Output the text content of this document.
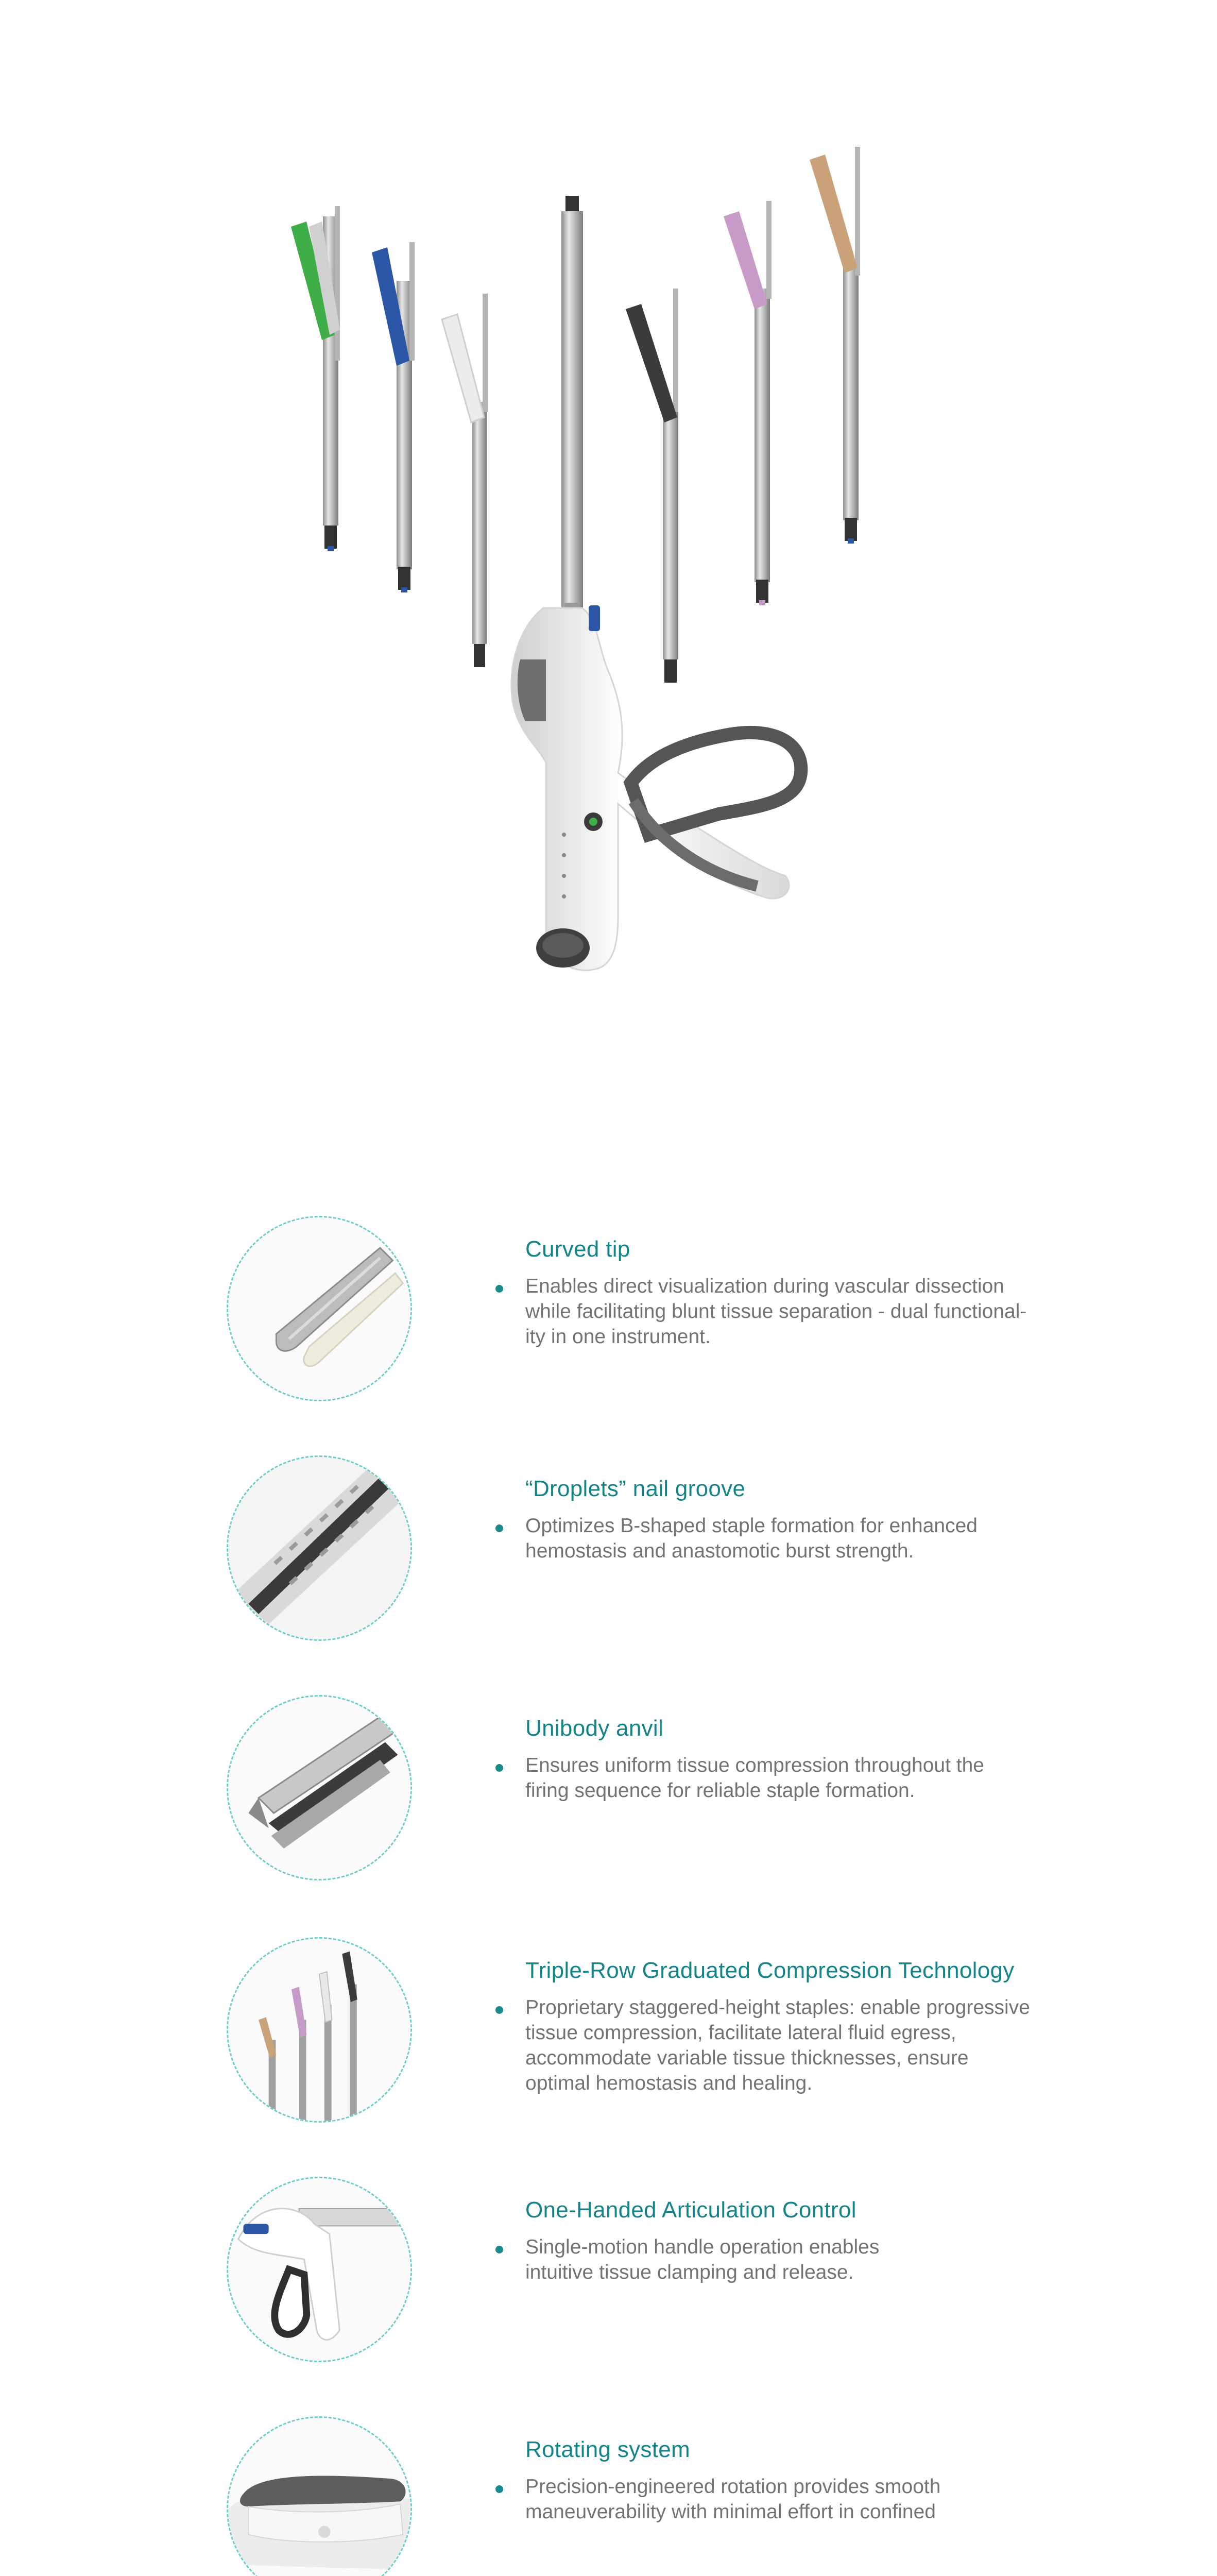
Curved tip
Enables direct visualization during vascular dissection
while facilitating blunt tissue separation - dual functional-
ity in one instrument.
“Droplets” nail groove
Optimizes B-shaped staple formation for enhanced
hemostasis and anastomotic burst strength.
Unibody anvil
Ensures uniform tissue compression throughout the
firing sequence for reliable staple formation.
Triple-Row Graduated Compression Technology
Proprietary staggered-height staples: enable progressive
tissue compression, facilitate lateral fluid egress,
accommodate variable tissue thicknesses, ensure
optimal hemostasis and healing.
One-Handed Articulation Control
Single-motion handle operation enables
intuitive tissue clamping and release.
Rotating system
Precision-engineered rotation provides smooth
maneuverability with minimal effort in confined
